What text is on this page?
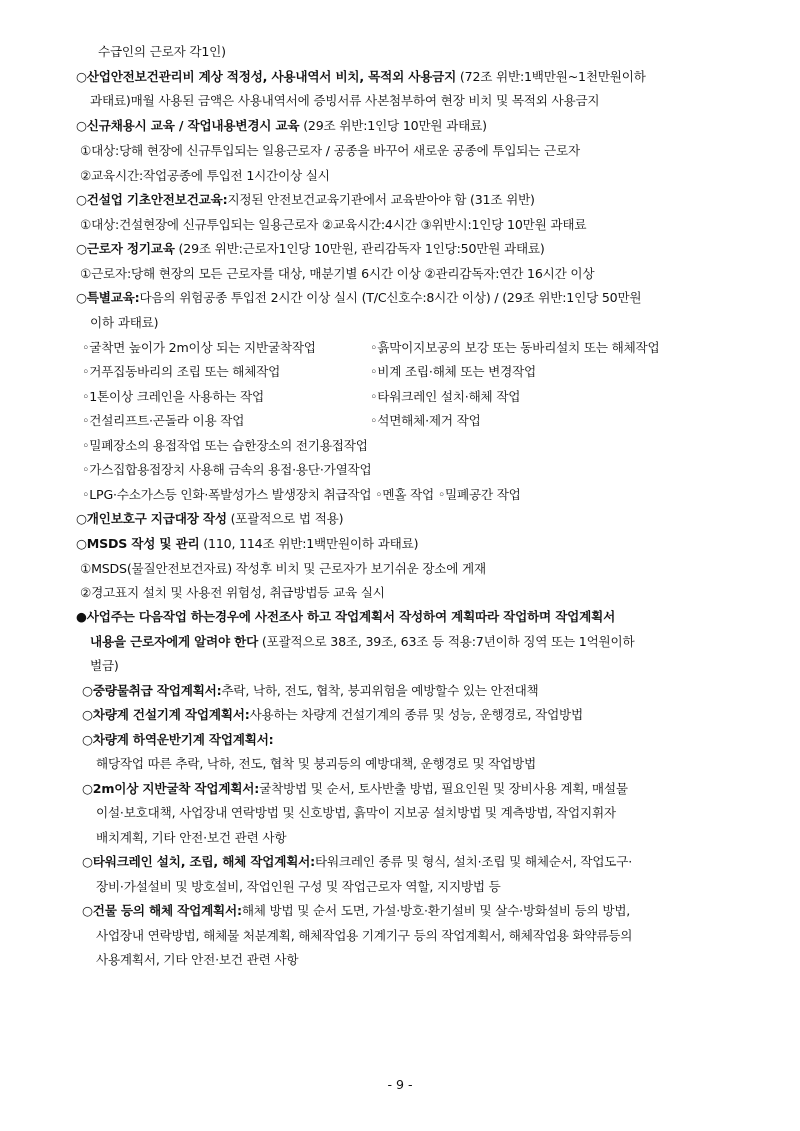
수급인의 근로자 각1인)
○산업안전보건관리비 계상 적정성, 사용내역서 비치, 목적외 사용금지 (72조 위반:1백만원~1천만원이하
과태료)매월 사용된 금액은 사용내역서에 증빙서류 사본첨부하여 현장 비치 및 목적외 사용금지
○신규채용시 교육 / 작업내용변경시 교육 (29조 위반:1인당 10만원 과태료)
①대상:당해 현장에 신규투입되는 일용근로자 / 공종을 바꾸어 새로운 공종에 투입되는 근로자
②교육시간:작업공종에 투입전 1시간이상 실시
○건설업 기초안전보건교육:지정된 안전보건교육기관에서 교육받아야 함 (31조 위반)
①대상:건설현장에 신규투입되는 일용근로자 ②교육시간:4시간 ③위반시:1인당 10만원 과태료
○근로자 정기교육 (29조 위반:근로자1인당 10만원, 관리감독자 1인당:50만원 과태료)
①근로자:당해 현장의 모든 근로자를 대상, 매분기별 6시간 이상 ②관리감독자:연간 16시간 이상
○특별교육:다음의 위험공종 투입전 2시간 이상 실시 (T/C신호수:8시간 이상) / (29조 위반:1인당 50만원
이하 과태료)
◦굴착면 높이가 2m이상 되는 지반굴착작업	◦흙막이지보공의 보강 또는 동바리설치 또는 해체작업
◦거푸집동바리의 조립 또는 해체작업	◦비계 조립·해체 또는 변경작업
◦1톤이상 크레인을 사용하는 작업	◦타워크레인 설치·해체 작업
◦건설리프트·곤돌라 이용 작업	◦석면해체·제거 작업
◦밀폐장소의 용접작업 또는 습한장소의 전기용접작업
◦가스집합용접장치 사용해 금속의 용접·용단·가열작업
◦LPG·수소가스등 인화·폭발성가스 발생장치 취급작업 ◦멘홀 작업 ◦밀폐공간 작업
○개인보호구 지급대장 작성 (포괄적으로 법 적용)
○MSDS 작성 및 관리 (110, 114조 위반:1백만원이하 과태료)
①MSDS(물질안전보건자료) 작성후 비치 및 근로자가 보기쉬운 장소에 게재
②경고표지 설치 및 사용전 위험성, 취급방법등 교육 실시
●사업주는 다음작업 하는경우에 사전조사 하고 작업계획서 작성하여 계획따라 작업하며 작업계획서
내용을 근로자에게 알려야 한다 (포괄적으로 38조, 39조, 63조 등 적용:7년이하 징역 또는 1억원이하
벌금)
○중량물취급 작업계획서:추락, 낙하, 전도, 협착, 붕괴위험을 예방할수 있는 안전대책
○차량계 건설기계 작업계획서:사용하는 차량계 건설기계의 종류 및 성능, 운행경로, 작업방법
○차량계 하역운반기계 작업계획서:
해당작업 따른 추락, 낙하, 전도, 협착 및 붕괴등의 예방대책, 운행경로 및 작업방법
○2m이상 지반굴착 작업계획서:굴착방법 및 순서, 토사반출 방법, 필요인원 및 장비사용 계획, 매설물
이설·보호대책, 사업장내 연락방법 및 신호방법, 흙막이 지보공 설치방법 및 계측방법, 작업지휘자
배치계획, 기타 안전·보건 관련 사항
○타워크레인 설치, 조립, 해체 작업계획서:타워크레인 종류 및 형식, 설치·조립 및 해체순서, 작업도구·
장비·가설설비 및 방호설비, 작업인원 구성 및 작업근로자 역할, 지지방법 등
○건물 등의 해체 작업계획서:해체 방법 및 순서 도면, 가설·방호·환기설비 및 살수·방화설비 등의 방법,
사업장내 연락방법, 해체물 처분계획, 해체작업용 기계기구 등의 작업계획서, 해체작업용 화약류등의
사용계획서, 기타 안전·보건 관련 사항
- 9 -
